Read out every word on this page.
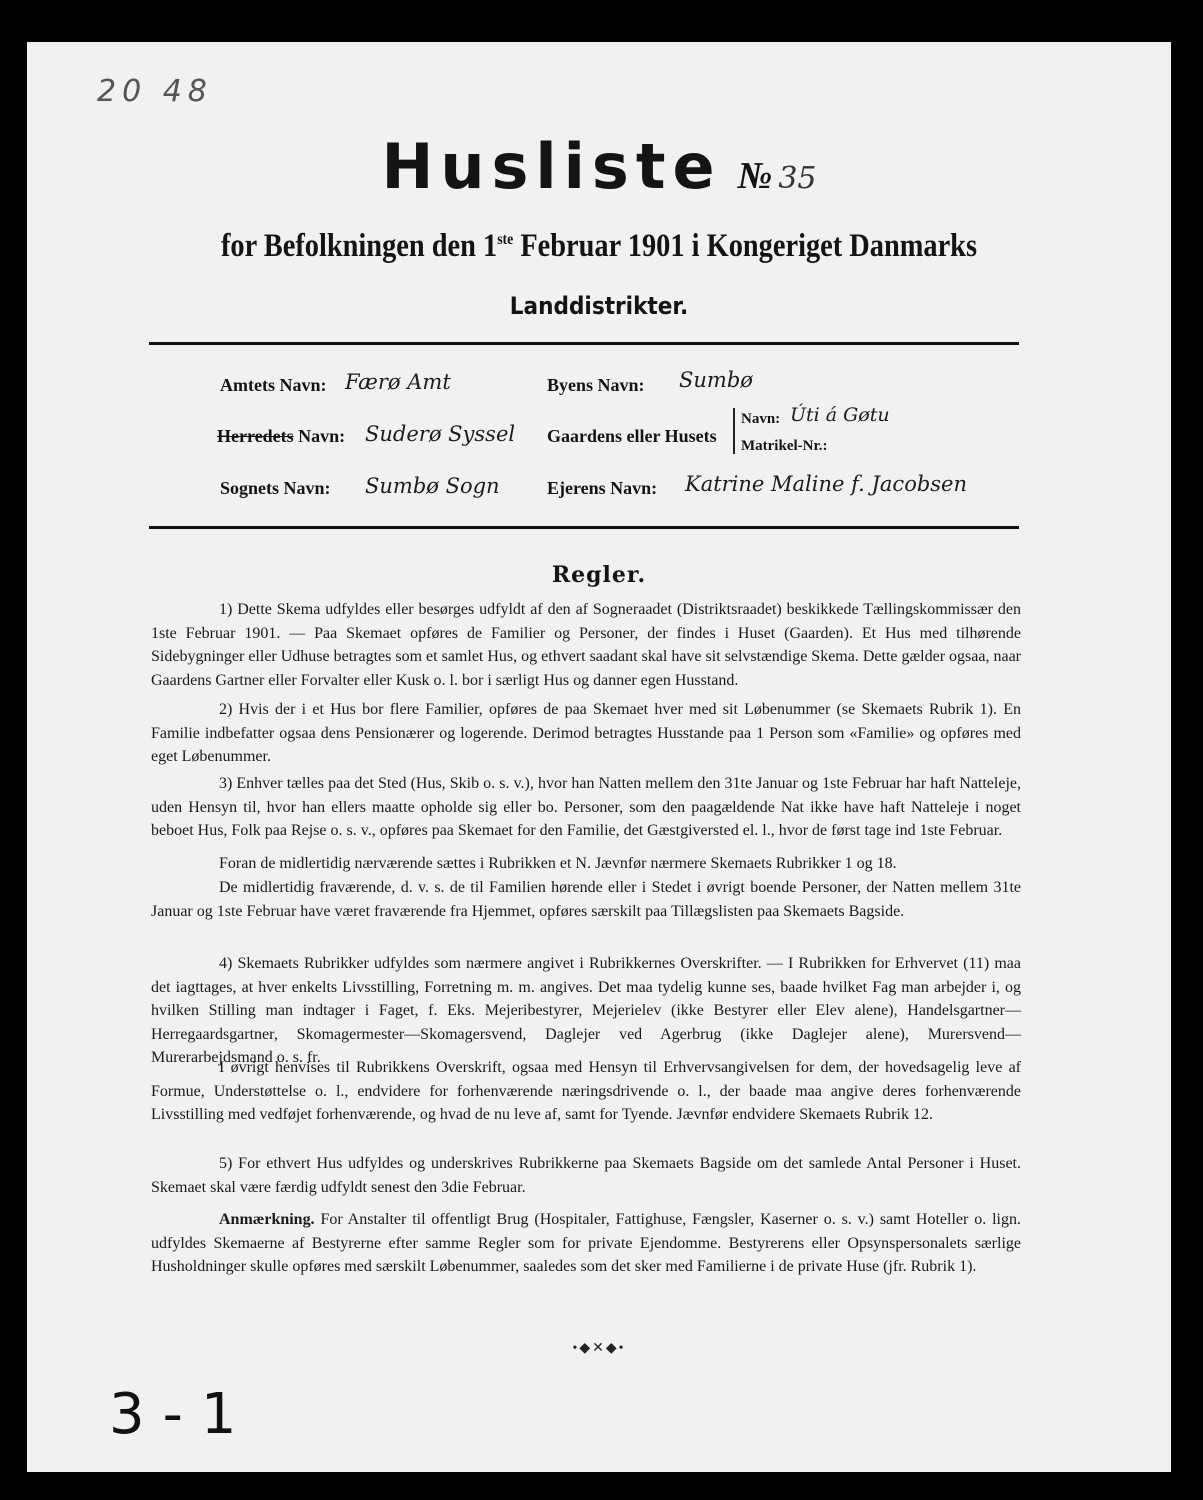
20 48
Husliste № 35
for Befolkningen den 1ste Februar 1901 i Kongeriget Danmarks
Landdistrikter.
Amtets Navn: Færø Amt	Byens Navn: Sumbø
Herredets Navn: Suderø Syssel Gaardens eller Husets
Navn: Úti á Gøtu
Matrikel-Nr.:
Sognets Navn: Sumbø Sogn	Ejerens Navn: Katrine Maline f. Jacobsen
Regler.
1) Dette Skema udfyldes eller besørges udfyldt af den af Sogneraadet (Distriktsraadet) beskikkede Tællingskommissær den 1ste Februar 1901. — Paa Skemaet opføres de Familier og Personer, der findes i Huset (Gaarden). Et Hus med tilhørende Sidebygninger eller Udhuse betragtes som et samlet Hus, og ethvert saadant skal have sit selvstændige Skema. Dette gælder ogsaa, naar Gaardens Gartner eller Forvalter eller Kusk o. l. bor i særligt Hus og danner egen Husstand.
2) Hvis der i et Hus bor flere Familier, opføres de paa Skemaet hver med sit Løbenummer (se Skemaets Rubrik 1). En Familie indbefatter ogsaa dens Pensionærer og logerende. Derimod betragtes Husstande paa 1 Person som «Familie» og opføres med eget Løbenummer.
3) Enhver tælles paa det Sted (Hus, Skib o. s. v.), hvor han Natten mellem den 31te Januar og 1ste Februar har haft Natteleje, uden Hensyn til, hvor han ellers maatte opholde sig eller bo. Personer, som den paagældende Nat ikke have haft Natteleje i noget beboet Hus, Folk paa Rejse o. s. v., opføres paa Skemaet for den Familie, det Gæstgiversted el. l., hvor de først tage ind 1ste Februar.
Foran de midlertidig nærværende sættes i Rubrikken et N. Jævnfør nærmere Skemaets Rubrikker 1 og 18.
De midlertidig fraværende, d. v. s. de til Familien hørende eller i Stedet i øvrigt boende Personer, der Natten mellem 31te Januar og 1ste Februar have været fraværende fra Hjemmet, opføres særskilt paa Tillægslisten paa Skemaets Bagside.
4) Skemaets Rubrikker udfyldes som nærmere angivet i Rubrikkernes Overskrifter. — I Rubrikken for Erhvervet (11) maa det iagttages, at hver enkelts Livsstilling, Forretning m. m. angives. Det maa tydelig kunne ses, baade hvilket Fag man arbejder i, og hvilken Stilling man indtager i Faget, f. Eks. Mejeribestyrer, Mejerielev (ikke Bestyrer eller Elev alene), Handelsgartner—Herregaardsgartner, Skomagermester—Skomagersvend, Daglejer ved Agerbrug (ikke Daglejer alene), Murersvend—Murerarbejdsmand o. s. fr.
I øvrigt henvises til Rubrikkens Overskrift, ogsaa med Hensyn til Erhvervsangivelsen for dem, der hovedsagelig leve af Formue, Understøttelse o. l., endvidere for forhenværende næringsdrivende o. l., der baade maa angive deres forhenværende Livsstilling med vedføjet forhenværende, og hvad de nu leve af, samt for Tyende. Jævnfør endvidere Skemaets Rubrik 12.
5) For ethvert Hus udfyldes og underskrives Rubrikkerne paa Skemaets Bagside om det samlede Antal Personer i Huset. Skemaet skal være færdig udfyldt senest den 3die Februar.
Anmærkning. For Anstalter til offentligt Brug (Hospitaler, Fattighuse, Fængsler, Kaserner o. s. v.) samt Hoteller o. lign. udfyldes Skemaerne af Bestyrerne efter samme Regler som for private Ejendomme. Bestyrerens eller Opsynspersonalets særlige Husholdninger skulle opføres med særskilt Løbenummer, saaledes som det sker med Familierne i de private Huse (jfr. Rubrik 1).
•◆✕◆•
3-1
